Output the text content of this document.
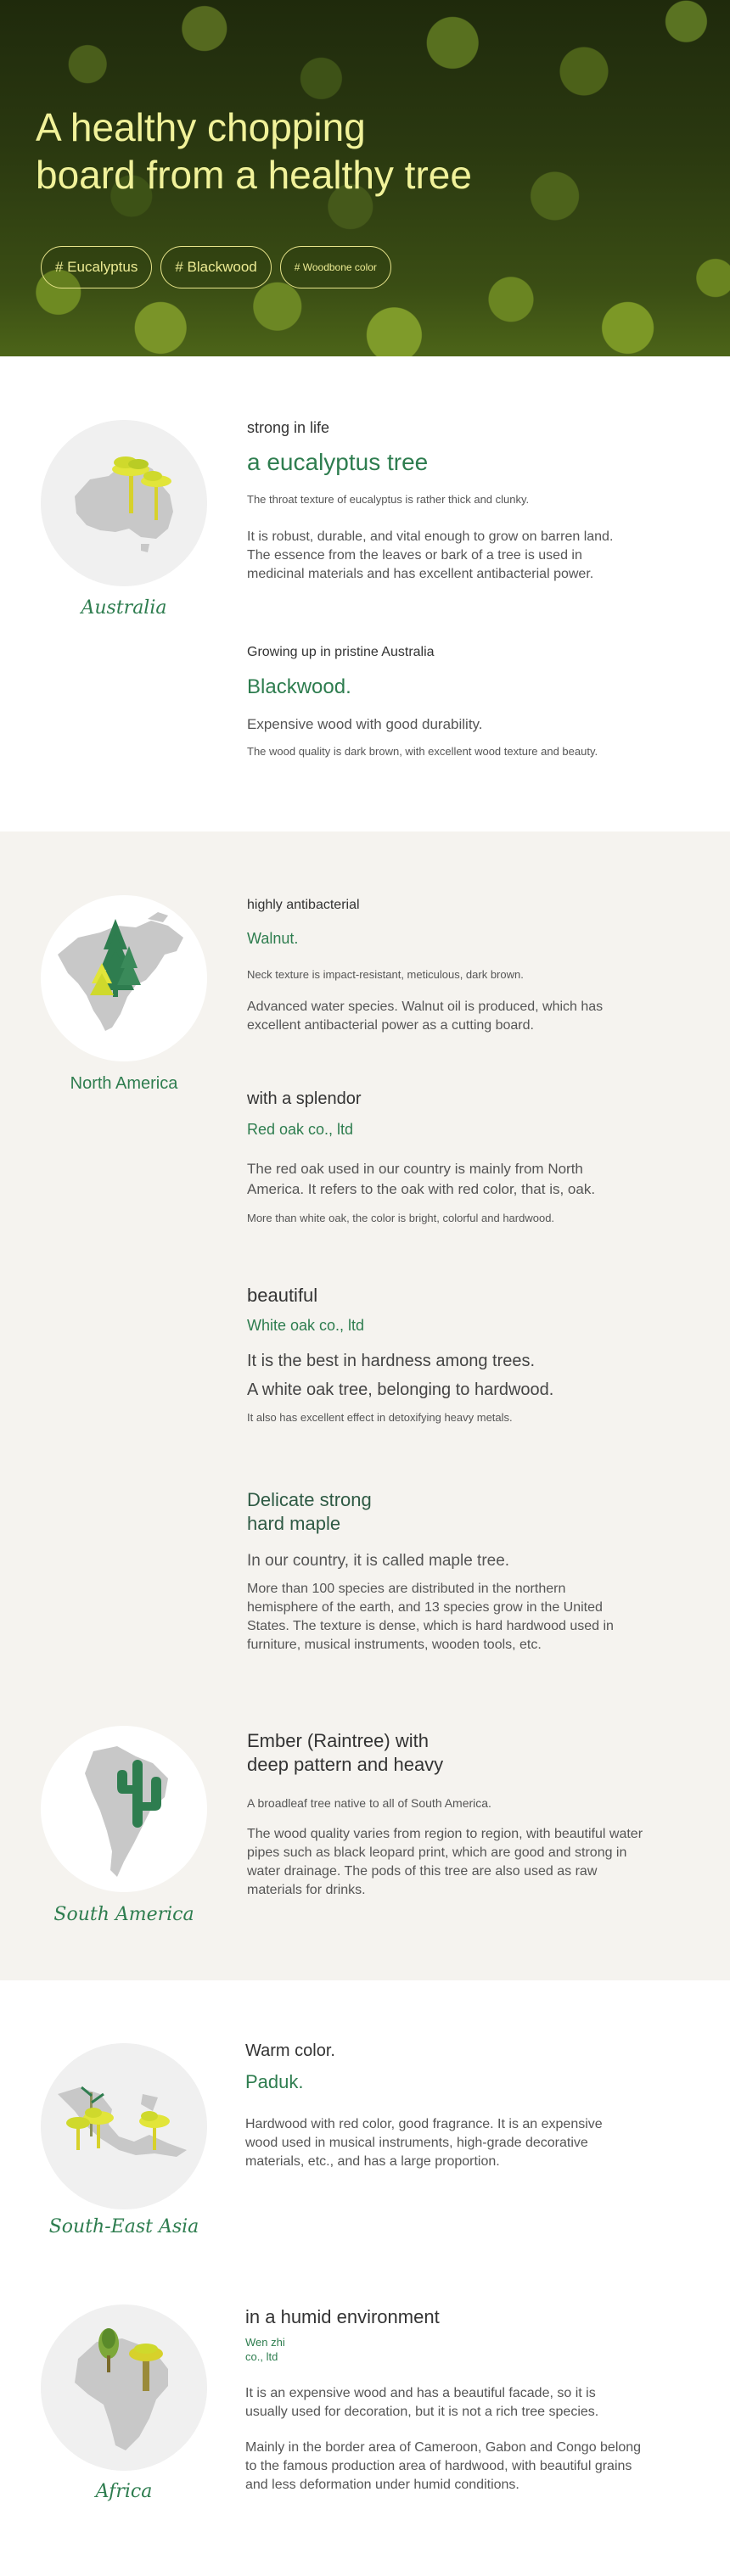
A healthy chopping
board from a healthy tree
# Eucalyptus	# Blackwood	# Woodbone color
Australia
strong in life
a eucalyptus tree
The throat texture of eucalyptus is rather thick and clunky.
It is robust, durable, and vital enough to grow on barren land. The essence from the leaves or bark of a tree is used in medicinal materials and has excellent antibacterial power.
Growing up in pristine Australia
Blackwood.
Expensive wood with good durability.
The wood quality is dark brown, with excellent wood texture and beauty.
North America
highly antibacterial
Walnut.
Neck texture is impact-resistant, meticulous, dark brown.
Advanced water species. Walnut oil is produced, which has excellent antibacterial power as a cutting board.
with a splendor
Red oak co., ltd
The red oak used in our country is mainly from North America. It refers to the oak with red color, that is, oak.
More than white oak, the color is bright, colorful and hardwood.
beautiful
White oak co., ltd
It is the best in hardness among trees.
A white oak tree, belonging to hardwood.
It also has excellent effect in detoxifying heavy metals.
Delicate strong
hard maple
In our country, it is called maple tree.
More than 100 species are distributed in the northern hemisphere of the earth, and 13 species grow in the United States. The texture is dense, which is hard hardwood used in furniture, musical instruments, wooden tools, etc.
South America
Ember (Raintree) with
deep pattern and heavy
A broadleaf tree native to all of South America.
The wood quality varies from region to region, with beautiful water pipes such as black leopard print, which are good and strong in water drainage. The pods of this tree are also used as raw materials for drinks.
South-East Asia
Warm color.
Paduk.
Hardwood with red color, good fragrance. It is an expensive wood used in musical instruments, high-grade decorative materials, etc., and has a large proportion.
Africa
in a humid environment
Wen zhi
co., ltd
It is an expensive wood and has a beautiful facade, so it is usually used for decoration, but it is not a rich tree species.
Mainly in the border area of Cameroon, Gabon and Congo belong to the famous production area of hardwood, with beautiful grains and less deformation under humid conditions.
